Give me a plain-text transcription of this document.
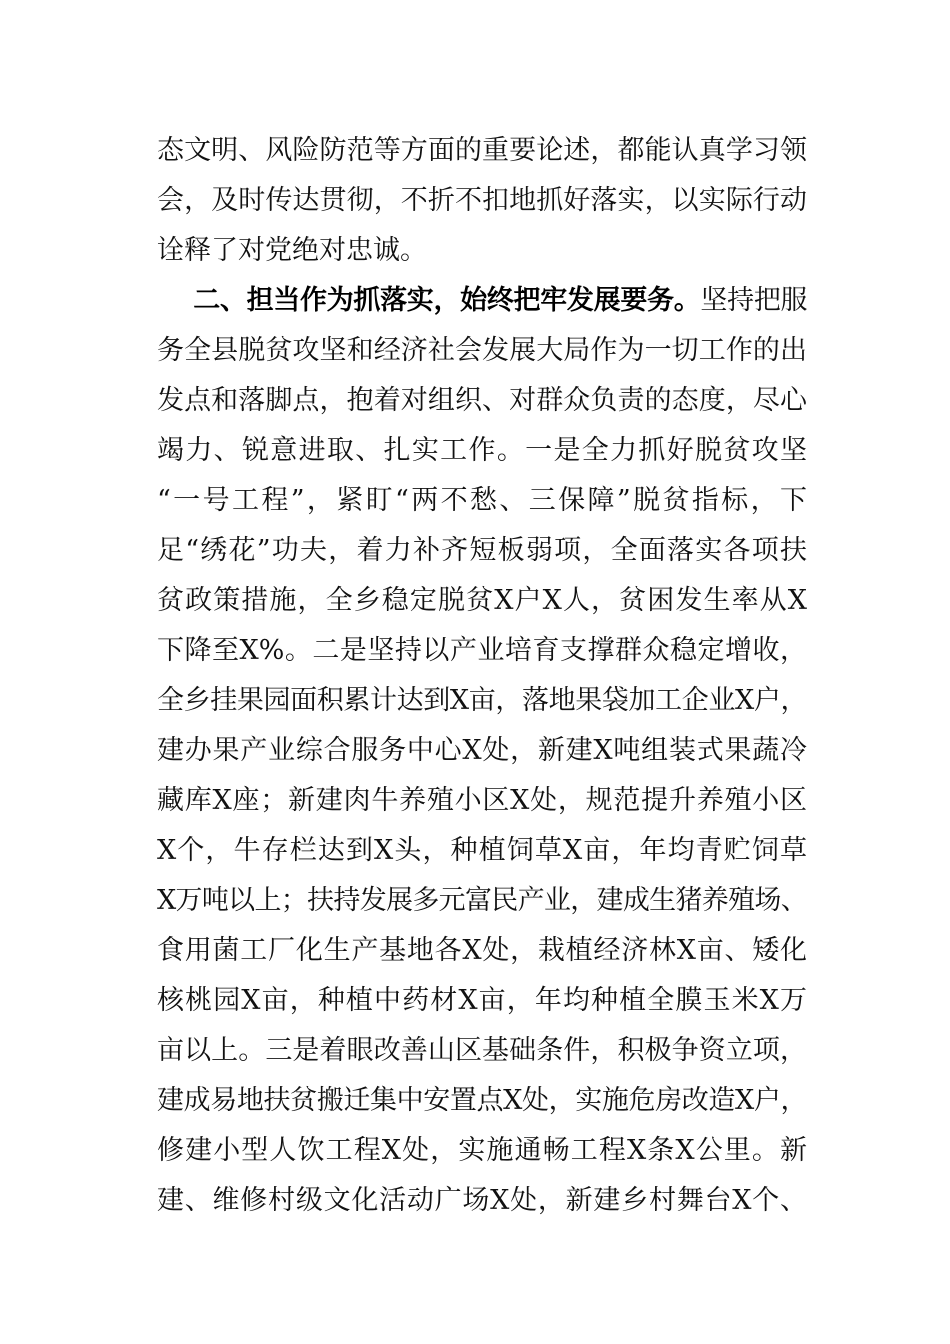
态文明、风险防范等方面的重要论述，都能认真学习领
会，及时传达贯彻，不折不扣地抓好落实，以实际行动
诠释了对党绝对忠诚。
二、担当作为抓落实，始终把牢发展要务。坚持把服
务全县脱贫攻坚和经济社会发展大局作为一切工作的出
发点和落脚点，抱着对组织、对群众负责的态度，尽心
竭力、锐意进取、扎实工作。一是全力抓好脱贫攻坚
“一号工程”，紧盯“两不愁、三保障”脱贫指标，下
足“绣花”功夫，着力补齐短板弱项，全面落实各项扶
贫政策措施，全乡稳定脱贫X户X人，贫困发生率从X
下降至X%。二是坚持以产业培育支撑群众稳定增收，
全乡挂果园面积累计达到X亩，落地果袋加工企业X户，
建办果产业综合服务中心X处，新建X吨组装式果蔬冷
藏库X座；新建肉牛养殖小区X处，规范提升养殖小区
X个，牛存栏达到X头，种植饲草X亩，年均青贮饲草
X万吨以上；扶持发展多元富民产业，建成生猪养殖场、
食用菌工厂化生产基地各X处，栽植经济林X亩、矮化
核桃园X亩，种植中药材X亩，年均种植全膜玉米X万
亩以上。三是着眼改善山区基础条件，积极争资立项，
建成易地扶贫搬迁集中安置点X处，实施危房改造X户，
修建小型人饮工程X处，实施通畅工程X条X公里。新
建、维修村级文化活动广场X处，新建乡村舞台X个、
